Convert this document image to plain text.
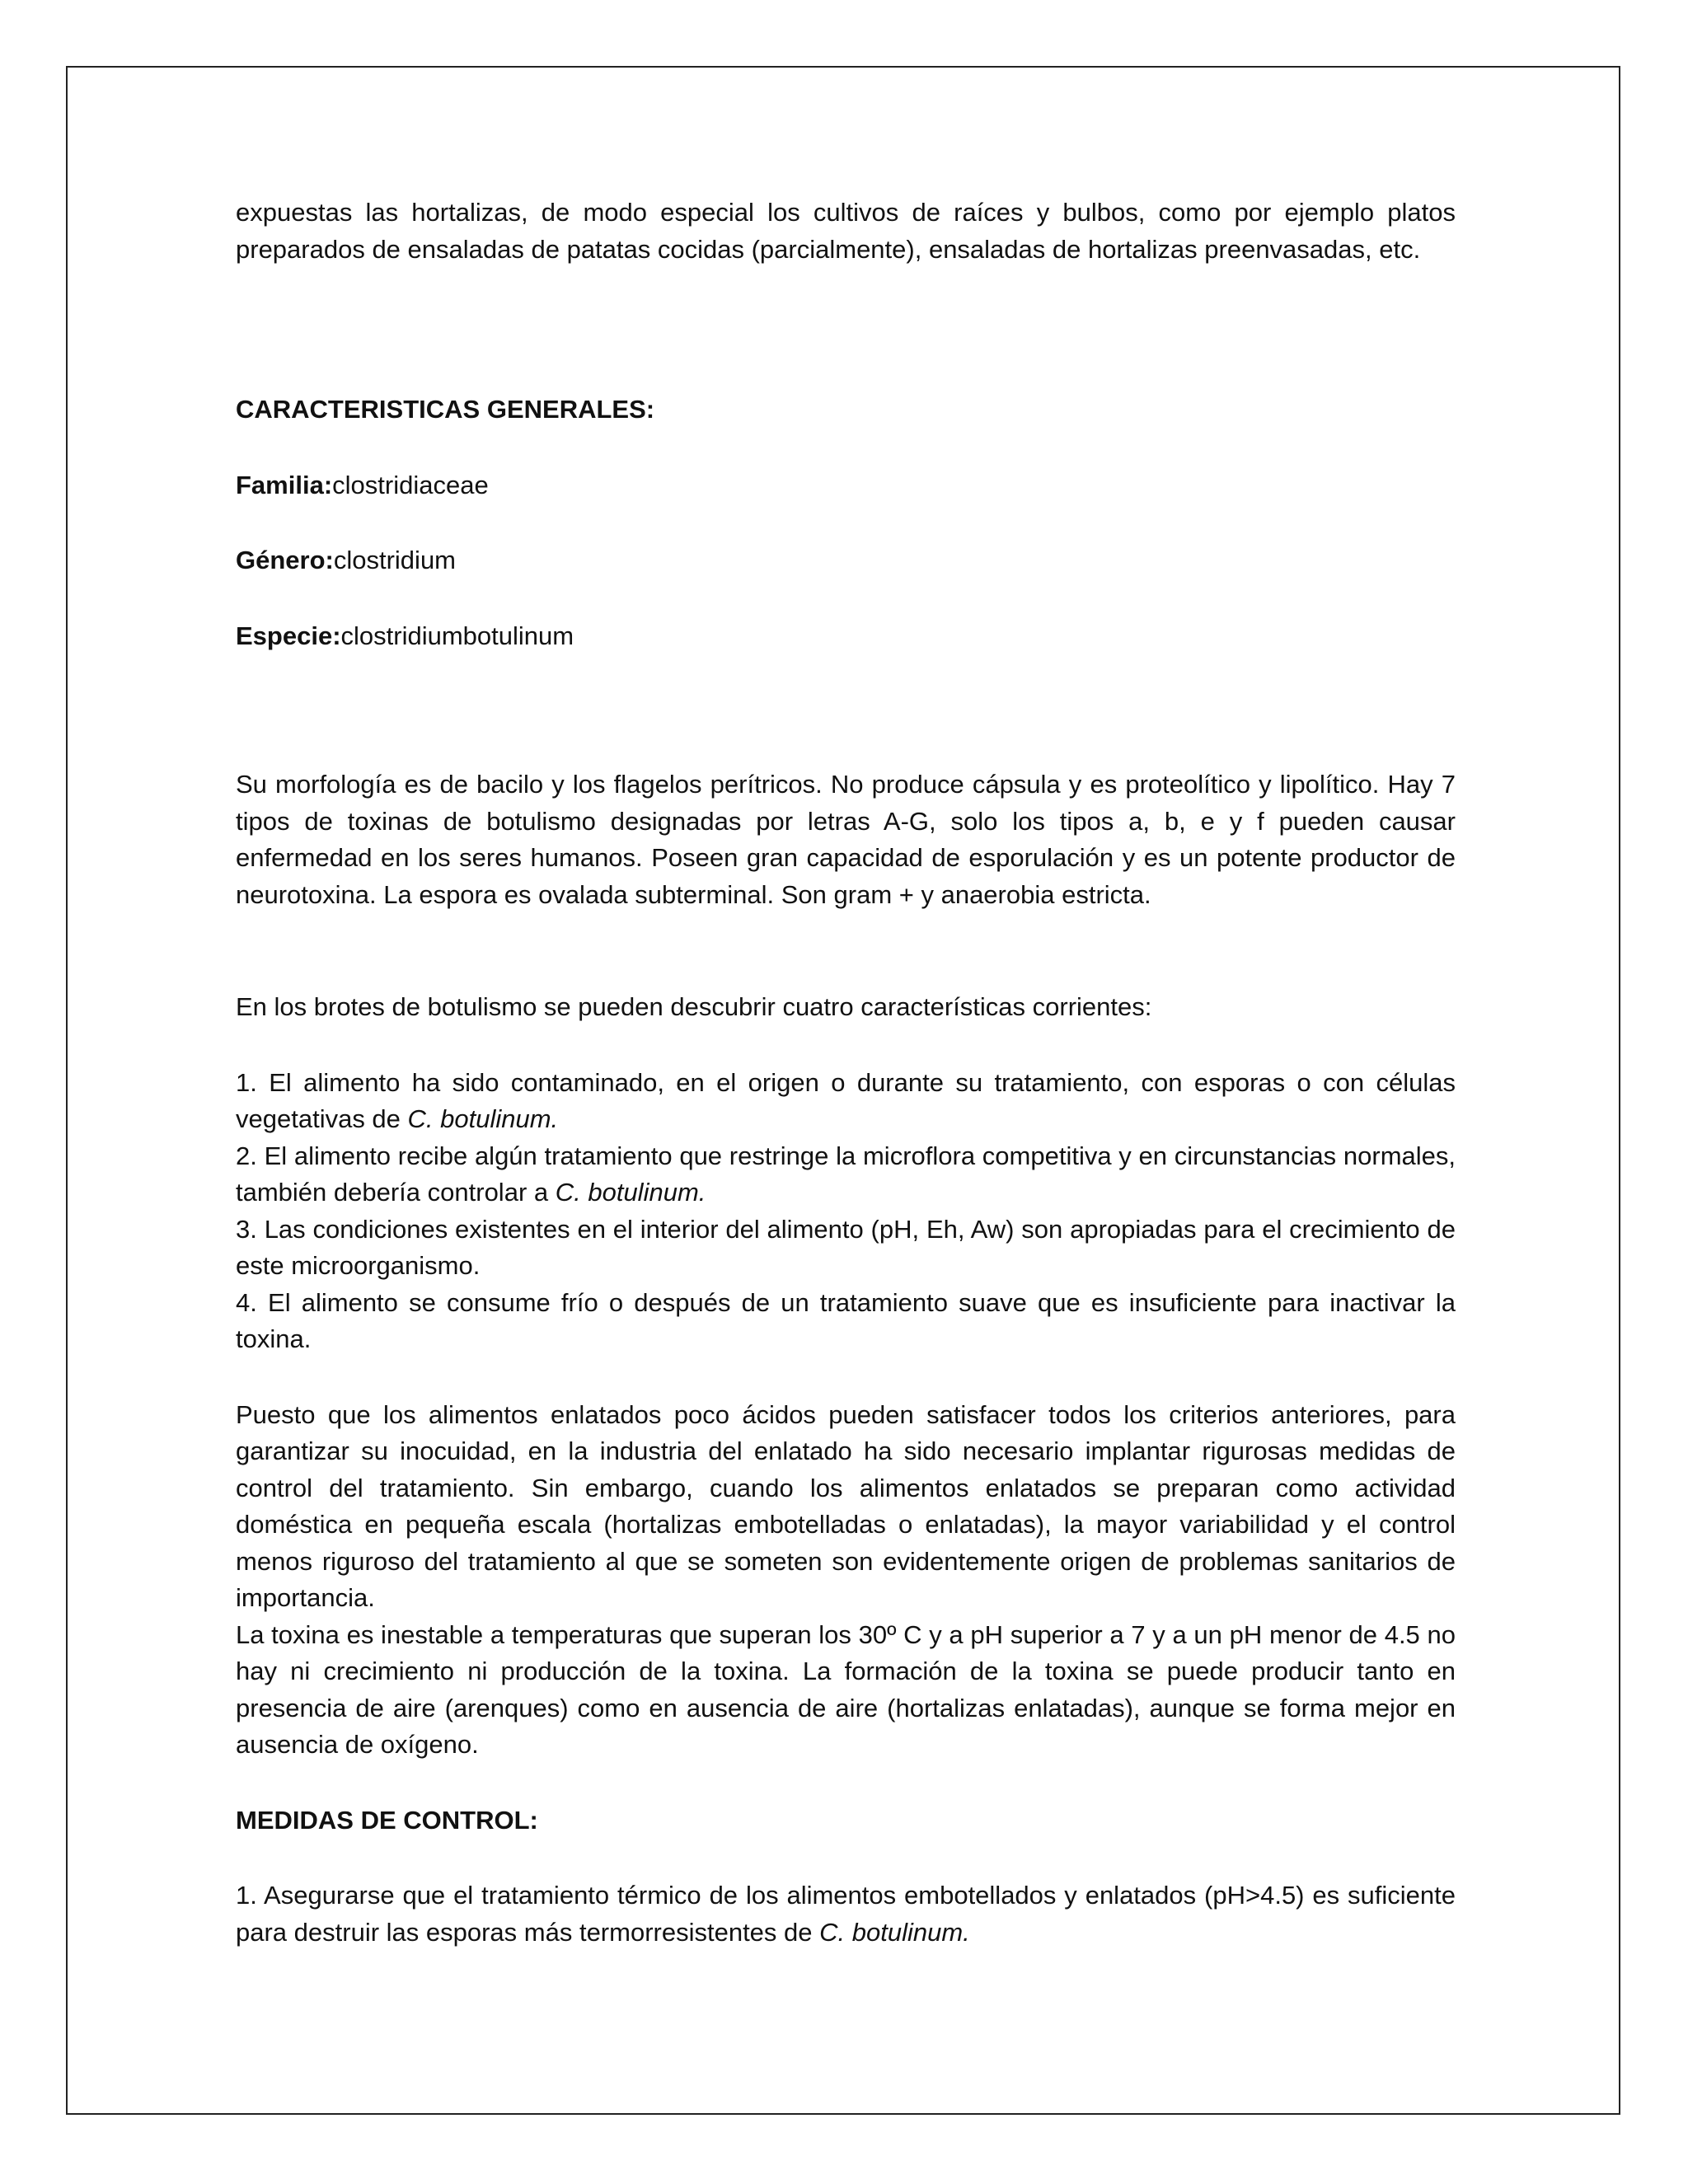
expuestas las hortalizas, de modo especial los cultivos de raíces y bulbos, como por ejemplo platos preparados de ensaladas de patatas cocidas (parcialmente), ensaladas de hortalizas preenvasadas, etc.

CARACTERISTICAS GENERALES:

Familia:clostridiaceae

Género:clostridium

Especie:clostridiumbotulinum

Su morfología es de bacilo y los flagelos perítricos. No produce cápsula y es proteolítico y lipolítico. Hay 7 tipos de toxinas de botulismo designadas por letras A-G, solo los tipos a, b, e y f pueden causar enfermedad en los seres humanos. Poseen gran capacidad de esporulación y es un potente productor de neurotoxina. La espora es ovalada subterminal. Son gram + y anaerobia estricta.

En los brotes de botulismo se pueden descubrir cuatro características corrientes:

1. El alimento ha sido contaminado, en el origen o durante su tratamiento, con esporas o con células vegetativas de C. botulinum.

2. El alimento recibe algún tratamiento que restringe la microflora competitiva y en circunstancias normales, también debería controlar a C. botulinum.

3. Las condiciones existentes en el interior del alimento (pH, Eh, Aw) son apropiadas para el crecimiento de este microorganismo.

4. El alimento se consume frío o después de un tratamiento suave que es insuficiente para inactivar la toxina.

Puesto que los alimentos enlatados poco ácidos pueden satisfacer todos los criterios anteriores, para garantizar su inocuidad, en la industria del enlatado ha sido necesario implantar rigurosas medidas de control del tratamiento. Sin embargo, cuando los alimentos enlatados se preparan como actividad doméstica en pequeña escala (hortalizas embotelladas o enlatadas), la mayor variabilidad y el control menos riguroso del tratamiento al que se someten son evidentemente origen de problemas sanitarios de importancia.

La toxina es inestable a temperaturas que superan los 30º C y a pH superior a 7 y a un pH menor de 4.5 no hay ni crecimiento ni producción de la toxina. La formación de la toxina se puede producir tanto en presencia de aire (arenques) como en ausencia de aire (hortalizas enlatadas), aunque se forma mejor en ausencia de oxígeno.

MEDIDAS DE CONTROL:

1. Asegurarse que el tratamiento térmico de los alimentos embotellados y enlatados (pH>4.5) es suficiente para destruir las esporas más termorresistentes de C. botulinum.
